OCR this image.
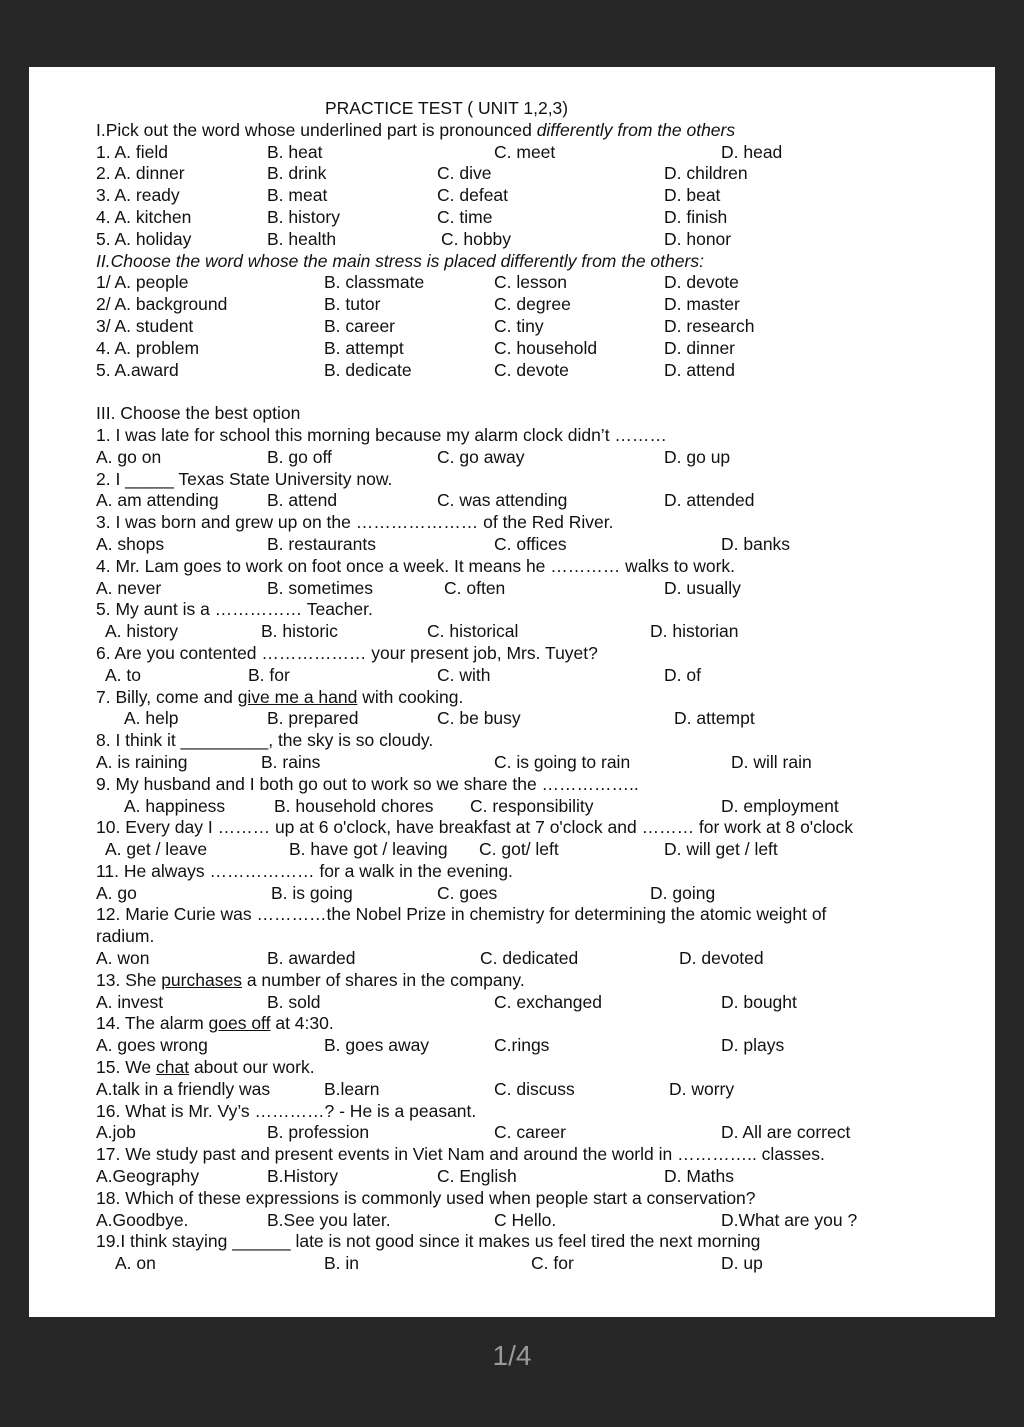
PRACTICE TEST ( UNIT 1,2,3)
I.Pick out the word whose underlined part is pronounced differently from the others
1. A. field	B. heat	C. meet	D. head
2. A. dinner	B. drink	C. dive	D. children
3. A. ready	B. meat	C. defeat	D. beat
4. A. kitchen	B. history	C. time	D. finish
5. A. holiday	B. health	C. hobby	D. honor
II.Choose the word whose the main stress is placed differently from the others:
1/ A. people	B. classmate	C. lesson	D. devote
2/ A. background	B. tutor	C. degree	D. master
3/ A. student	B. career	C. tiny	D. research
4. A. problem	B. attempt	C. household	D. dinner
5. A.award	B. dedicate	C. devote	D. attend
III. Choose the best option
1. I was late for school this morning because my alarm clock didn’t ………
A. go on	B. go off	C. go away	D. go up
2. I _____ Texas State University now.
A. am attending	B. attend	C. was attending	D. attended
3. I was born and grew up on the ………………… of the Red River.
A. shops	B. restaurants	C. offices	D. banks
4. Mr. Lam goes to work on foot once a week. It means he ………… walks to work.
A. never	B. sometimes	C. often	D. usually
5. My aunt is a …………… Teacher.
A. history	B. historic	C. historical	D. historian
6. Are you contented ……………… your present job, Mrs. Tuyet?
A. to	B. for	C. with	D. of
7. Billy, come and give me a hand with cooking.
A. help	B. prepared	C. be busy	D. attempt
8. I think it _________, the sky is so cloudy.
A. is raining	B. rains	C. is going to rain	D. will rain
9. My husband and I both go out to work so we share the ……………..
A. happiness	B. household chores C. responsibility	D. employment
10. Every day I ……… up at 6 o'clock, have breakfast at 7 o'clock and ……… for work at 8 o'clock
A. get / leave	B. have got / leaving C. got/ left	D. will get / left
11. He always ……………… for a walk in the evening.
A. go	B. is going	C. goes	D. going
12. Marie Curie was …………the Nobel Prize in chemistry for determining the atomic weight of
radium.
A. won	B. awarded	C. dedicated	D. devoted
13. She purchases a number of shares in the company.
A. invest	B. sold	C. exchanged	D. bought
14. The alarm goes off at 4:30.
A. goes wrong	B. goes away	C.rings	D. plays
15. We chat about our work.
A.talk in a friendly was	B.learn	C. discuss	D. worry
16. What is Mr. Vy’s …………? - He is a peasant.
A.job	B. profession	C. career	D. All are correct
17. We study past and present events in Viet Nam and around the world in ………….. classes.
A.Geography	B.History	C. English	D. Maths
18. Which of these expressions is commonly used when people start a conservation?
A.Goodbye.	B.See you later.	C Hello.	D.What are you ?
19.I think staying ______ late is not good since it makes us feel tired the next morning
A. on	B. in	C. for	D. up
1/4
